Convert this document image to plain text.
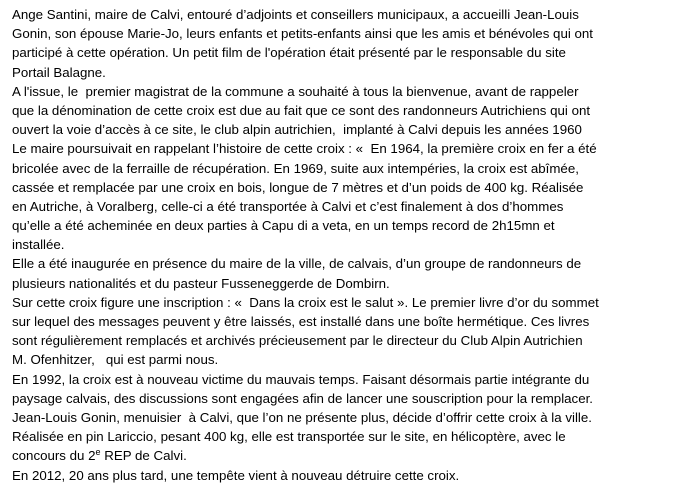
Ange Santini, maire de Calvi, entouré d’adjoints et conseillers municipaux, a accueilli Jean-Louis
Gonin, son épouse Marie-Jo, leurs enfants et petits-enfants ainsi que les amis et bénévoles qui ont
participé à cette opération. Un petit film de l'opération était présenté par le responsable du site
Portail Balagne.
A l'issue, le  premier magistrat de la commune a souhaité à tous la bienvenue, avant de rappeler
que la dénomination de cette croix est due au fait que ce sont des randonneurs Autrichiens qui ont
ouvert la voie d’accès à ce site, le club alpin autrichien,  implanté à Calvi depuis les années 1960
Le maire poursuivait en rappelant l’histoire de cette croix : «  En 1964, la première croix en fer a été
bricolée avec de la ferraille de récupération. En 1969, suite aux intempéries, la croix est abîmée,
cassée et remplacée par une croix en bois, longue de 7 mètres et d’un poids de 400 kg. Réalisée
en Autriche, à Voralberg, celle-ci a été transportée à Calvi et c’est finalement à dos d’hommes
qu’elle a été acheminée en deux parties à Capu di a veta, en un temps record de 2h15mn et
installée.
Elle a été inaugurée en présence du maire de la ville, de calvais, d’un groupe de randonneurs de
plusieurs nationalités et du pasteur Fusseneggerde de Dombirn.
Sur cette croix figure une inscription : «  Dans la croix est le salut ». Le premier livre d’or du sommet
sur lequel des messages peuvent y être laissés, est installé dans une boîte hermétique. Ces livres
sont régulièrement remplacés et archivés précieusement par le directeur du Club Alpin Autrichien
M. Ofenhitzer,   qui est parmi nous.
En 1992, la croix est à nouveau victime du mauvais temps. Faisant désormais partie intégrante du
paysage calvais, des discussions sont engagées afin de lancer une souscription pour la remplacer.
Jean-Louis Gonin, menuisier  à Calvi, que l’on ne présente plus, décide d’offrir cette croix à la ville.
Réalisée en pin Lariccio, pesant 400 kg, elle est transportée sur le site, en hélicoptère, avec le
concours du 2e REP de Calvi.
En 2012, 20 ans plus tard, une tempête vient à nouveau détruire cette croix.
